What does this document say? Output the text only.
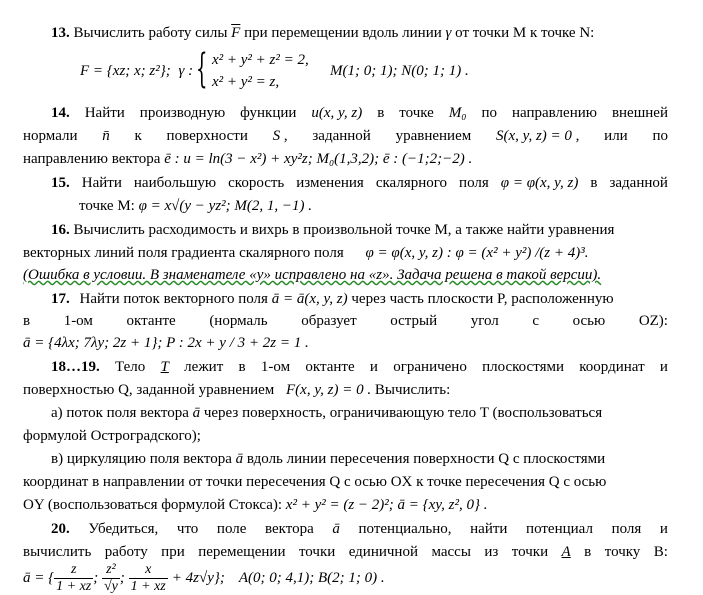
13. Вычислить работу силы $\overline{F}$ при перемещении вдоль линии γ от точки M к точке N:
F = {xz; x; z²}; γ : { x² + y² + z² = 2,
x² + y² = z,
M(1; 0; 1); N(0; 1; 1) .
14. Найти производную функции u(x, y, z) в точке M₀ по направлению внешней
нормали n̄ к поверхности S , заданной уравнением S(x, y, z) = 0 , или по
направлению вектора ē : u = ln(3 − x²) + xy²z; M₀(1,3,2); ē : (−1;2;−2) .
15. Найти наибольшую скорость изменения скалярного поля φ = φ(x, y, z) в заданной
точке M: φ = x√(y − yz²; M(2, 1, −1) .
16. Вычислить расходимость и вихрь в произвольной точке M, а также найти уравнения
векторных линий поля градиента скалярного поля φ = φ(x, y, z) : φ = (x² + y²) /(z + 4)³.
(Ошибка в условии. В знаменателе «y» исправлено на «z». Задача решена в такой версии).
17. Найти поток векторного поля ā = ā(x, y, z) через часть плоскости P, расположенную
в 1-ом октанте (нормаль образует острый угол с осью OZ):
ā = {4λx; 7λy; 2z + 1}; P : 2x + y / 3 + 2z = 1 .
18…19. Тело T лежит в 1-ом октанте и ограничено плоскостями координат и
поверхностью Q, заданной уравнением F(x, y, z) = 0 . Вычислить:
а) поток поля вектора ā через поверхность, ограничивающую тело T (воспользоваться
формулой Остроградского);
в) циркуляцию поля вектора ā вдоль линии пересечения поверхности Q с плоскостями
координат в направлении от точки пересечения Q с осью OX к точке пересечения Q с осью
OY (воспользоваться формулой Стокса): x² + y² = (z − 2)²; ā = {xy, z², 0} .
20. Убедиться, что поле вектора ā потенциально, найти потенциал поля и
вычислить работу при перемещении точки единичной массы из точки A в точку B:
ā = { $\frac{z}{1 + xz}$ ; $\frac{\text{z²}}{√y}$ ; $\frac{x}{1 + xz} + 4z√y$}; A(0; 0; 4,1); B(2; 1; 0) .
